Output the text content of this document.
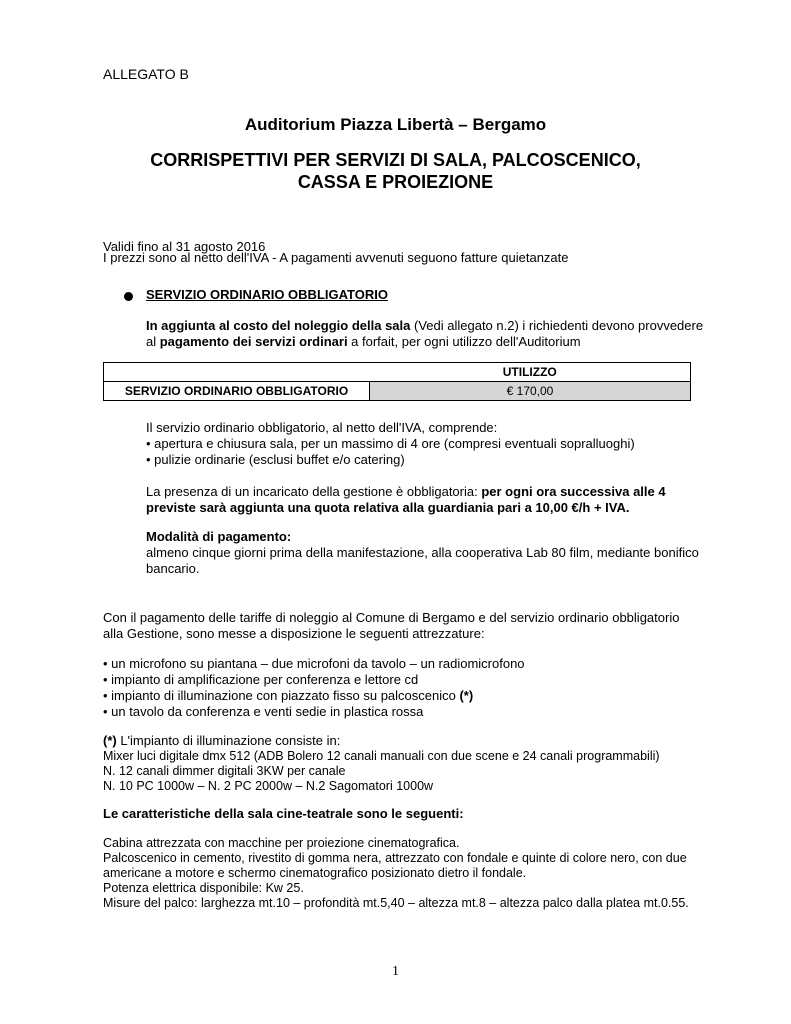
ALLEGATO B
Auditorium Piazza Libertà – Bergamo
CORRISPETTIVI PER SERVIZI DI SALA, PALCOSCENICO,
CASSA E PROIEZIONE
Validi fino al 31 agosto 2016
I prezzi sono al netto dell'IVA - A pagamenti avvenuti seguono fatture quietanzate
SERVIZIO ORDINARIO OBBLIGATORIO
In aggiunta al costo del noleggio della sala (Vedi allegato n.2) i richiedenti devono provvedere al pagamento dei servizi ordinari a forfait, per ogni utilizzo dell'Auditorium
	UTILIZZO
SERVIZIO ORDINARIO OBBLIGATORIO	€ 170,00
Il servizio ordinario obbligatorio, al netto dell'IVA, comprende:
• apertura e chiusura sala, per un massimo di 4 ore (compresi eventuali sopralluoghi)
• pulizie ordinarie (esclusi buffet e/o catering)
La presenza di un incaricato della gestione è obbligatoria: per ogni ora successiva alle 4 previste sarà aggiunta una quota relativa alla guardiania pari a 10,00 €/h + IVA.
Modalità di pagamento:
almeno cinque giorni prima della manifestazione, alla cooperativa Lab 80 film, mediante bonifico bancario.
Con il pagamento delle tariffe di noleggio al Comune di Bergamo e del servizio ordinario obbligatorio alla Gestione, sono messe a disposizione le seguenti attrezzature:
• un microfono su piantana – due microfoni da tavolo – un radiomicrofono
• impianto di amplificazione per conferenza e lettore cd
• impianto di illuminazione con piazzato fisso su palcoscenico (*)
• un tavolo da conferenza e venti sedie in plastica rossa
(*) L'impianto di illuminazione consiste in:
Mixer luci digitale dmx 512 (ADB Bolero 12 canali manuali con due scene e 24 canali programmabili)
N. 12 canali dimmer digitali 3KW per canale
N. 10 PC 1000w – N. 2 PC 2000w – N.2 Sagomatori 1000w
Le caratteristiche della sala cine-teatrale sono le seguenti:
Cabina attrezzata con macchine per proiezione cinematografica.
Palcoscenico in cemento, rivestito di gomma nera, attrezzato con fondale e quinte di colore nero, con due americane a motore e schermo cinematografico posizionato dietro il fondale.
Potenza elettrica disponibile: Kw 25.
Misure del palco: larghezza mt.10 – profondità mt.5,40 – altezza mt.8 – altezza palco dalla platea mt.0.55.
1
